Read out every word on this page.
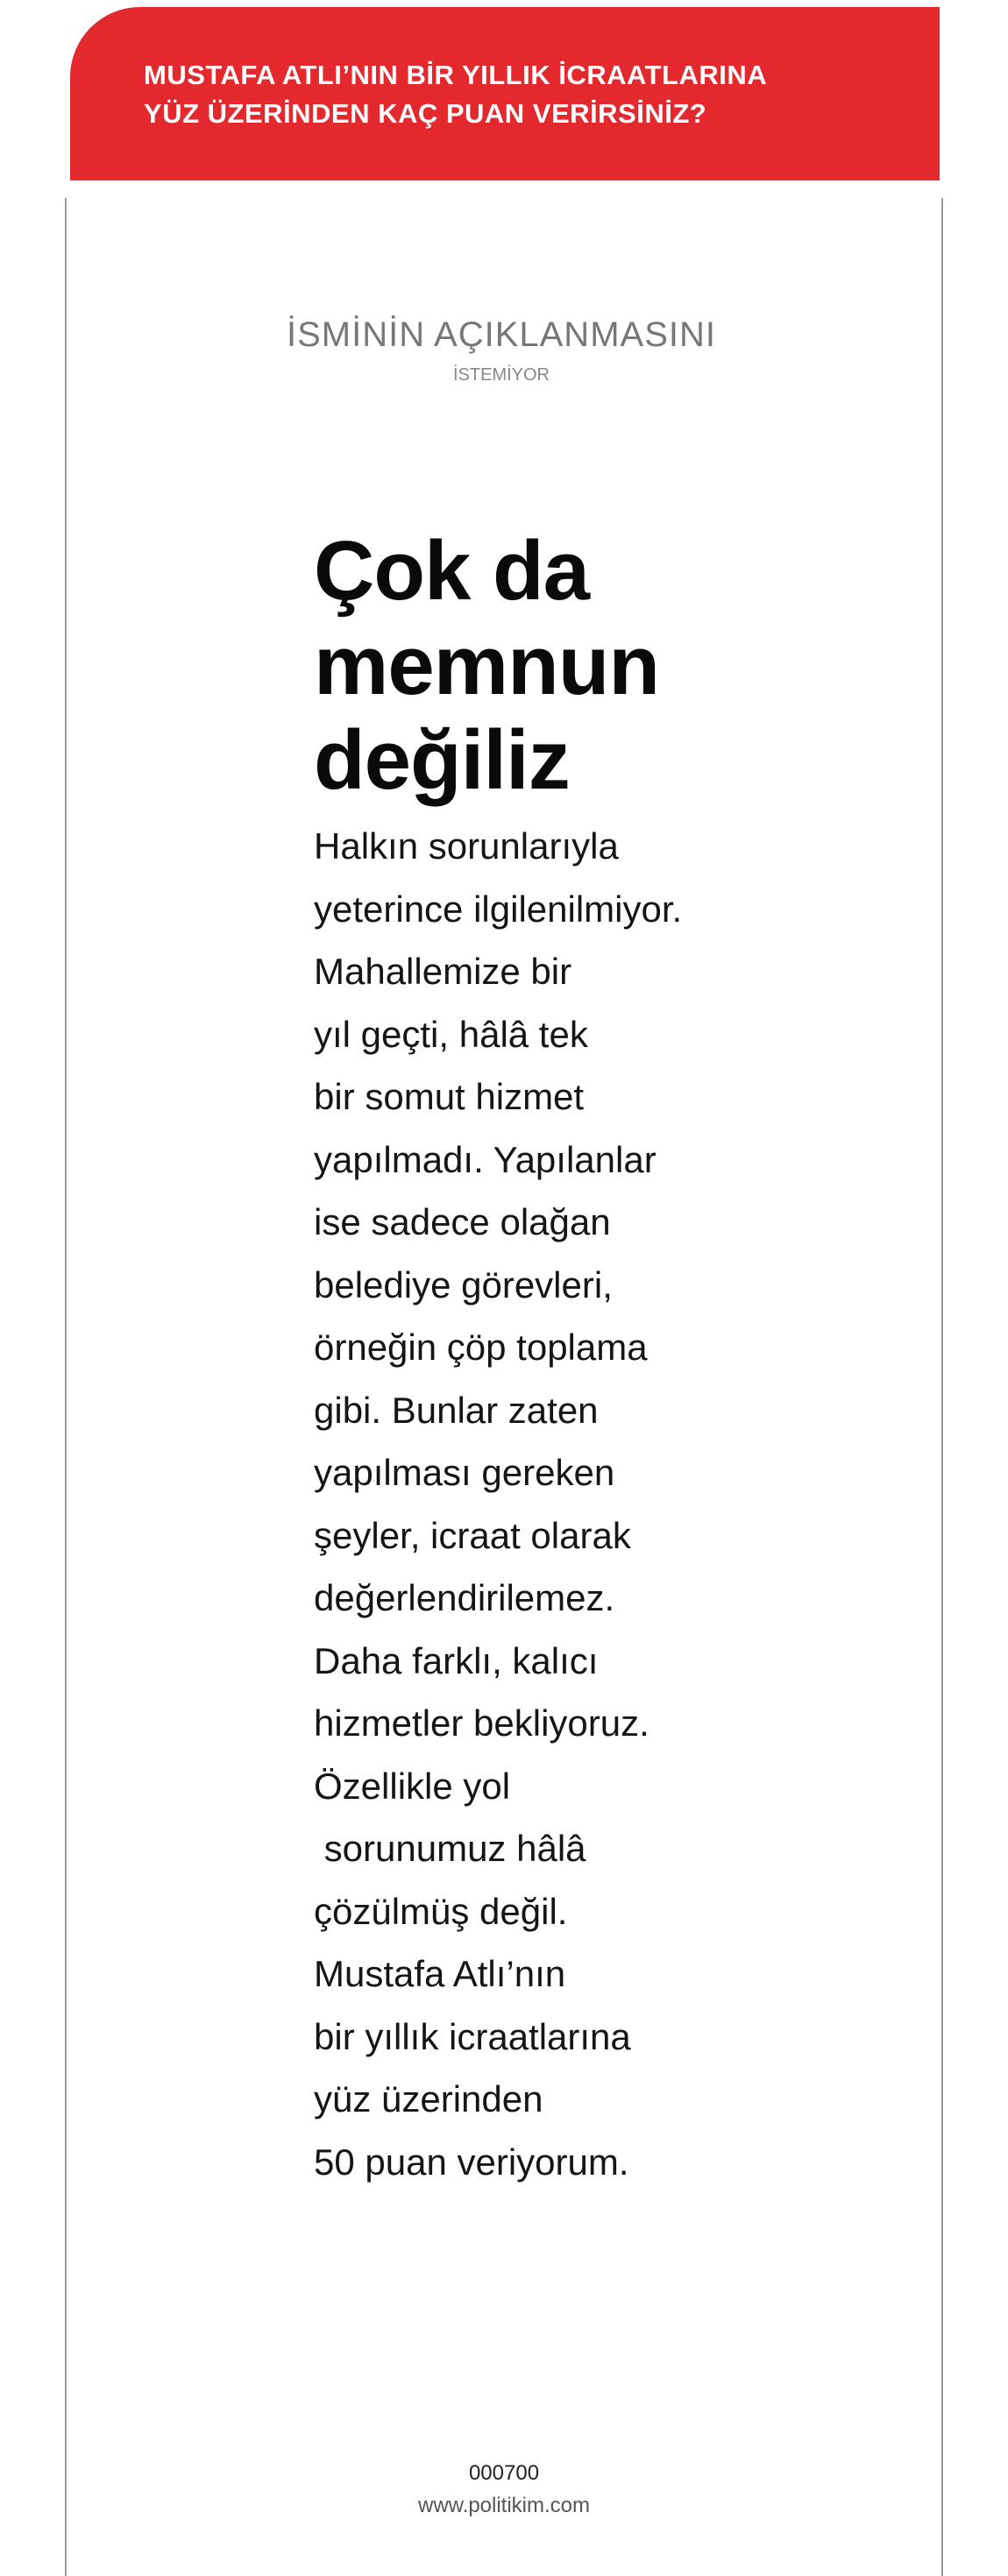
MUSTAFA ATLI’NIN BİR YILLIK İCRAATLARINA
YÜZ ÜZERİNDEN KAÇ PUAN VERİRSİNİZ?
İSMİNİN AÇIKLANMASINI
İSTEMİYOR
Çok da
memnun
değiliz
Halkın sorunlarıyla
yeterince ilgilenilmiyor.
Mahallemize bir
yıl geçti, hâlâ tek
bir somut hizmet
yapılmadı. Yapılanlar
ise sadece olağan
belediye görevleri,
örneğin çöp toplama
gibi. Bunlar zaten
yapılması gereken
şeyler, icraat olarak
değerlendirilemez.
Daha farklı, kalıcı
hizmetler bekliyoruz.
Özellikle yol
sorunumuz hâlâ
çözülmüş değil.
Mustafa Atlı’nın
bir yıllık icraatlarına
yüz üzerinden
50 puan veriyorum.
000700
www.politikim.com
